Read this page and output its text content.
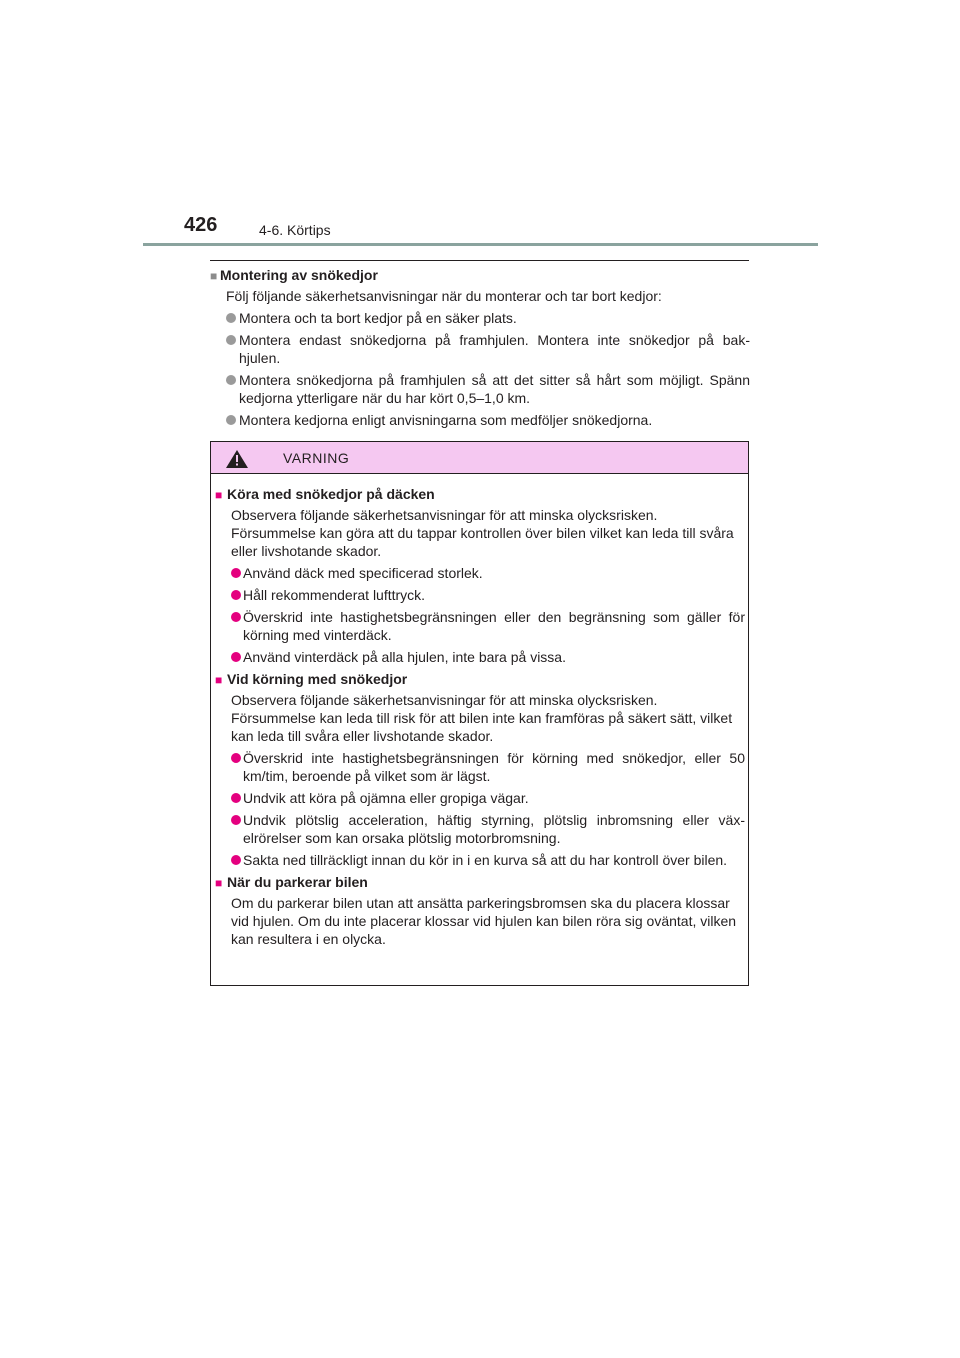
426	4-6. Körtips

■ Montering av snökedjor

Följ följande säkerhetsanvisningar när du monterar och tar bort kedjor:

Montera och ta bort kedjor på en säker plats.
Montera endast snökedjorna på framhjulen. Montera inte snökedjor på bak- hjulen.
Montera snökedjorna på framhjulen så att det sitter så hårt som möjligt. Spänn kedjorna ytterligare när du har kört 0,5–1,0 km.
Montera kedjorna enligt anvisningarna som medföljer snökedjorna.
VARNING

■ Köra med snökedjor på däcken

Observera följande säkerhetsanvisningar för att minska olycksrisken. Försummelse kan göra att du tappar kontrollen över bilen vilket kan leda till svåra eller livshotande skador.

Använd däck med specificerad storlek.
Håll rekommenderat lufttryck.
Överskrid inte hastighetsbegränsningen eller den begränsning som gäller för körning med vinterdäck.
Använd vinterdäck på alla hjulen, inte bara på vissa.

■ Vid körning med snökedjor

Observera följande säkerhetsanvisningar för att minska olycksrisken. Försummelse kan leda till risk för att bilen inte kan framföras på säkert sätt, vilket kan leda till svåra eller livshotande skador.

Överskrid inte hastighetsbegränsningen för körning med snökedjor, eller 50 km/tim, beroende på vilket som är lägst.
Undvik att köra på ojämna eller gropiga vägar.
Undvik plötslig acceleration, häftig styrning, plötslig inbromsning eller väx- elrörelser som kan orsaka plötslig motorbromsning.
Sakta ned tillräckligt innan du kör in i en kurva så att du har kontroll över bilen.

■ När du parkerar bilen

Om du parkerar bilen utan att ansätta parkeringsbromsen ska du placera klossar vid hjulen. Om du inte placerar klossar vid hjulen kan bilen röra sig oväntat, vilken kan resultera i en olycka.
